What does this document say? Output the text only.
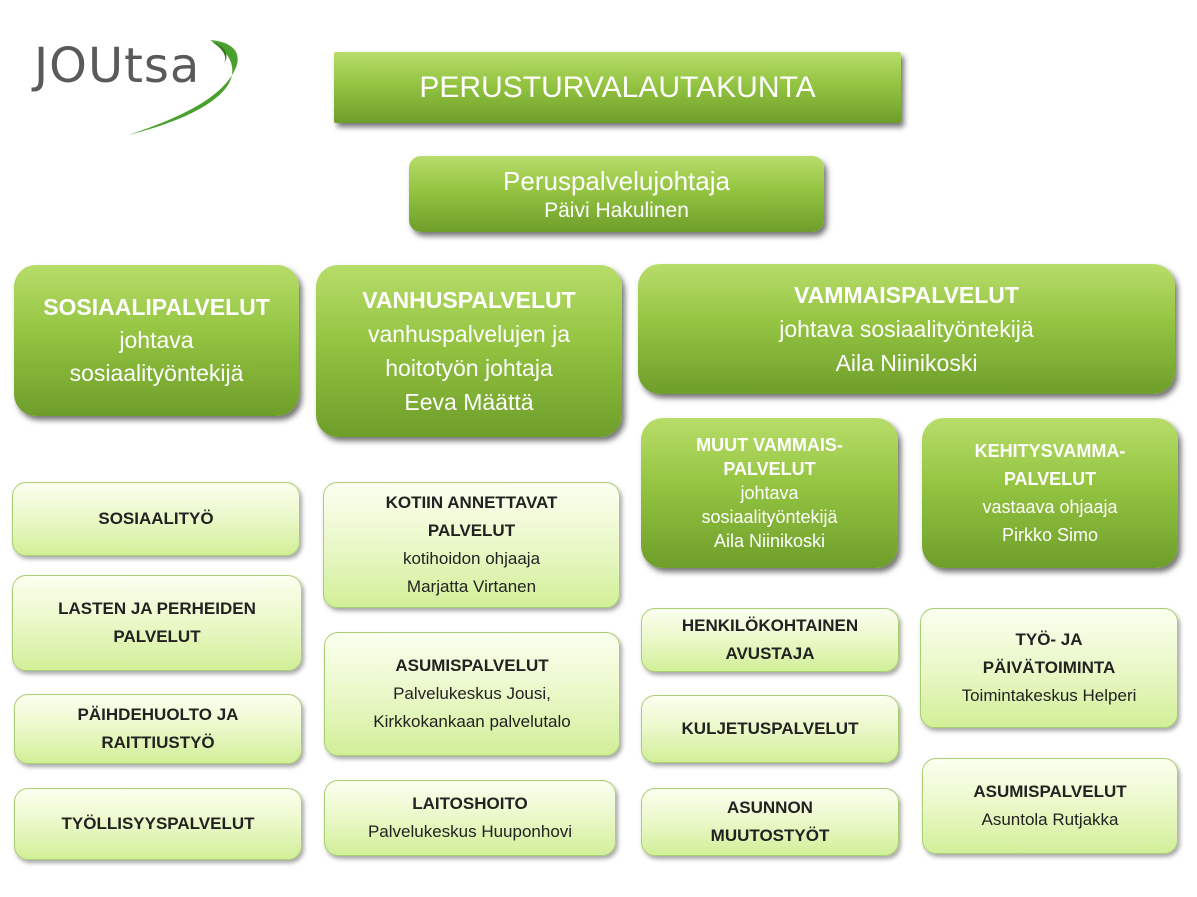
JOUtsa	PERUSTURVALAUTAKUNTA
Peruspalvelujohtaja
Päivi Hakulinen
SOSIAALIPALVELUT
johtava
sosiaalityöntekijä
VANHUSPALVELUT
vanhuspalvelujen ja
hoitotyön johtaja
Eeva Määttä
VAMMAISPALVELUT
johtava sosiaalityöntekijä
Aila Niinikoski
MUUT VAMMAIS-
PALVELUT
johtava
sosiaalityöntekijä
Aila Niinikoski
KEHITYSVAMMA-
PALVELUT
vastaava ohjaaja
Pirkko Simo
SOSIAALITYÖ
LASTEN JA PERHEIDEN
PALVELUT
PÄIHDEHUOLTO JA
RAITTIUSTYÖ
TYÖLLISYYSPALVELUT
KOTIIN ANNETTAVAT
PALVELUT
kotihoidon ohjaaja
Marjatta Virtanen
ASUMISPALVELUT
Palvelukeskus Jousi,
Kirkkokankaan palvelutalo
LAITOSHOITO
Palvelukeskus Huuponhovi
HENKILÖKOHTAINEN
AVUSTAJA
KULJETUSPALVELUT
ASUNNON
MUUTOSTYÖT
TYÖ- JA
PÄIVÄTOIMINTA
Toimintakeskus Helperi
ASUMISPALVELUT
Asuntola Rutjakka
